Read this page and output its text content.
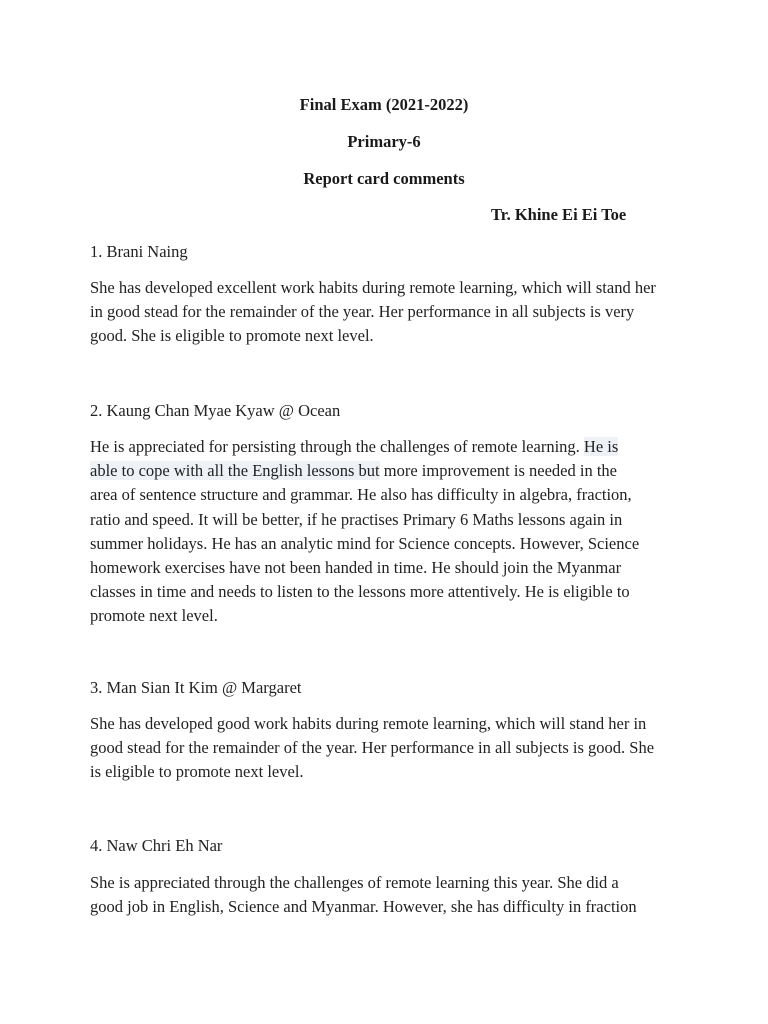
Final Exam (2021-2022)
Primary-6
Report card comments
Tr. Khine Ei Ei Toe
1. Brani Naing
She has developed excellent work habits during remote learning, which will stand her
in good stead for the remainder of the year. Her performance in all subjects is very
good. She is eligible to promote next level.
2. Kaung Chan Myae Kyaw @ Ocean
He is appreciated for persisting through the challenges of remote learning. He is
able to cope with all the English lessons but more improvement is needed in the
area of sentence structure and grammar. He also has difficulty in algebra, fraction,
ratio and speed. It will be better, if he practises Primary 6 Maths lessons again in
summer holidays. He has an analytic mind for Science concepts. However, Science
homework exercises have not been handed in time. He should join the Myanmar
classes in time and needs to listen to the lessons more attentively. He is eligible to
promote next level.
3. Man Sian It Kim @ Margaret
She has developed good work habits during remote learning, which will stand her in
good stead for the remainder of the year. Her performance in all subjects is good. She
is eligible to promote next level.
4. Naw Chri Eh Nar
She is appreciated through the challenges of remote learning this year. She did a
good job in English, Science and Myanmar. However, she has difficulty in fraction
